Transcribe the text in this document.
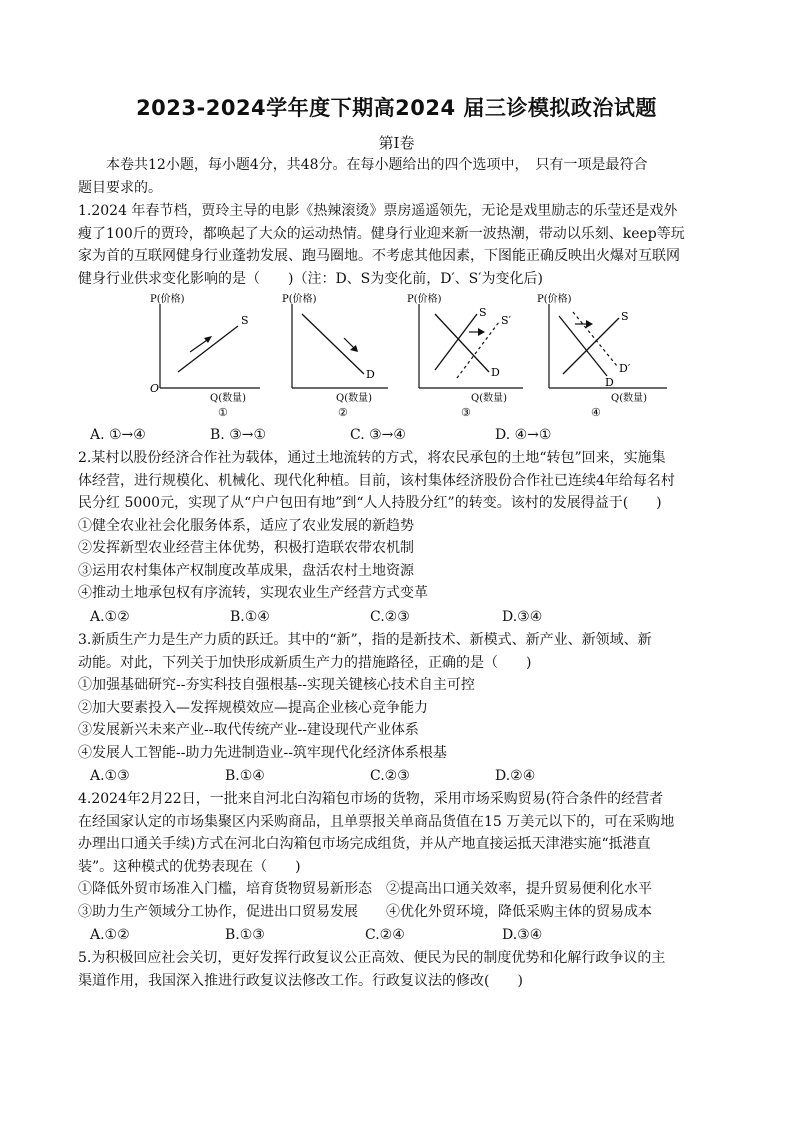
2023-2024学年度下期高2024 届三诊模拟政治试题
第Ⅰ卷
　　本卷共12小题，每小题4分，共48分。在每小题给出的四个选项中，　只有一项是最符合
题目要求的。
1.2024 年春节档，贾玲主导的电影《热辣滚烫》票房遥遥领先，无论是戏里励志的乐莹还是戏外
瘦了100斤的贾玲，都唤起了大众的运动热情。健身行业迎来新一波热潮，带动以乐刻、keep等玩
家为首的互联网健身行业蓬勃发展、跑马圈地。不考虑其他因素，下图能正确反映出火爆对互联网
健身行业供求变化影响的是（　　)（注：D、S为变化前，D′、S′为变化后)
P(价格)
O
S
Q(数量)
①
P(价格)
D
Q(数量)
②
P(价格)
S
S′
D
Q(数量)
③
P(价格)
S
D
D′
Q(数量)
④
A. ①→④	B. ③→①	C. ③→④	D. ④→①
2.某村以股份经济合作社为载体，通过土地流转的方式，将农民承包的土地“转包”回来，实施集
体经营，进行规模化、机械化、现代化种植。目前，该村集体经济股份合作社已连续4年给每名村
民分红 5000元，实现了从“户户包田有地”到“人人持股分红”的转变。该村的发展得益于(　　)
①健全农业社会化服务体系，适应了农业发展的新趋势
②发挥新型农业经营主体优势，积极打造联农带农机制
③运用农村集体产权制度改革成果，盘活农村土地资源
④推动土地承包权有序流转，实现农业生产经营方式变革
A.①②	B.①④	C.②③	D.③④
3.新质生产力是生产力质的跃迁。其中的“新”，指的是新技术、新模式、新产业、新领域、新
动能。对此，下列关于加快形成新质生产力的措施路径，正确的是（　　)
①加强基础研究--夯实科技自强根基--实现关键核心技术自主可控
②加大要素投入—发挥规模效应—提高企业核心竞争能力
③发展新兴未来产业--取代传统产业--建设现代产业体系
④发展人工智能--助力先进制造业--筑牢现代化经济体系根基
A.①③	B.①④	C.②③	D.②④
4.2024年2月22日，一批来自河北白沟箱包市场的货物，采用市场采购贸易(符合条件的经营者
在经国家认定的市场集聚区内采购商品，且单票报关单商品货值在15 万美元以下的，可在采购地
办理出口通关手续)方式在河北白沟箱包市场完成组货，并从产地直接运抵天津港实施“抵港直
装”。这种模式的优势表现在（　　)
①降低外贸市场准入门槛，培育货物贸易新形态　②提高出口通关效率，提升贸易便利化水平
③助力生产领域分工协作，促进出口贸易发展　　④优化外贸环境，降低采购主体的贸易成本
A.①②	B.①③	C.②④	D.③④
5.为积极回应社会关切，更好发挥行政复议公正高效、便民为民的制度优势和化解行政争议的主
渠道作用，我国深入推进行政复议法修改工作。行政复议法的修改(　　)
